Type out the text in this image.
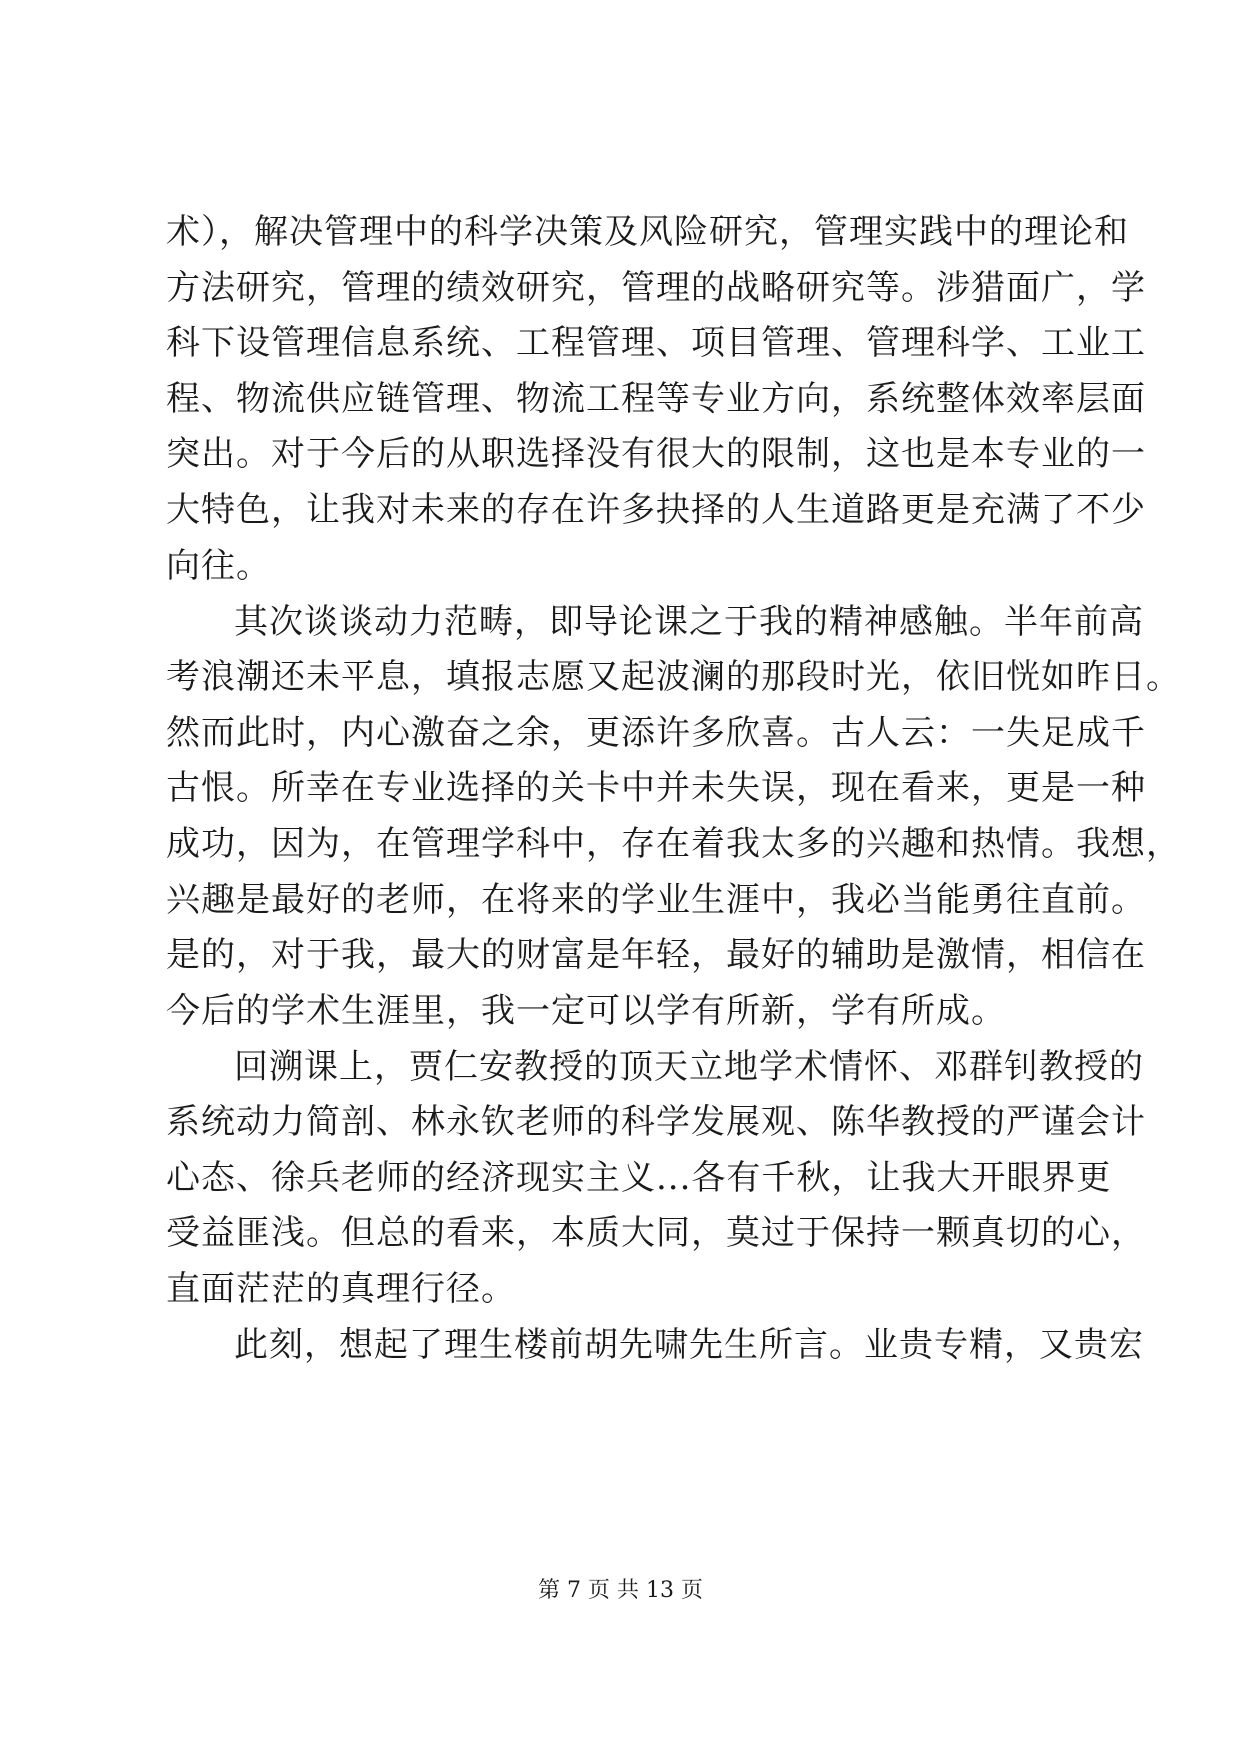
术），解决管理中的科学决策及风险研究，管理实践中的理论和
方法研究，管理的绩效研究，管理的战略研究等。涉猎面广，学
科下设管理信息系统、工程管理、项目管理、管理科学、工业工
程、物流供应链管理、物流工程等专业方向，系统整体效率层面
突出。对于今后的从职选择没有很大的限制，这也是本专业的一
大特色，让我对未来的存在许多抉择的人生道路更是充满了不少
向往。
其次谈谈动力范畴，即导论课之于我的精神感触。半年前高
考浪潮还未平息，填报志愿又起波澜的那段时光，依旧恍如昨日。
然而此时，内心激奋之余，更添许多欣喜。古人云：一失足成千
古恨。所幸在专业选择的关卡中并未失误，现在看来，更是一种
成功，因为，在管理学科中，存在着我太多的兴趣和热情。我想，
兴趣是最好的老师，在将来的学业生涯中，我必当能勇往直前。
是的，对于我，最大的财富是年轻，最好的辅助是激情，相信在
今后的学术生涯里，我一定可以学有所新，学有所成。
回溯课上，贾仁安教授的顶天立地学术情怀、邓群钊教授的
系统动力简剖、林永钦老师的科学发展观、陈华教授的严谨会计
心态、徐兵老师的经济现实主义...各有千秋，让我大开眼界更
受益匪浅。但总的看来，本质大同，莫过于保持一颗真切的心，
直面茫茫的真理行径。
此刻，想起了理生楼前胡先啸先生所言。业贵专精，又贵宏
第 7 页 共 13 页
